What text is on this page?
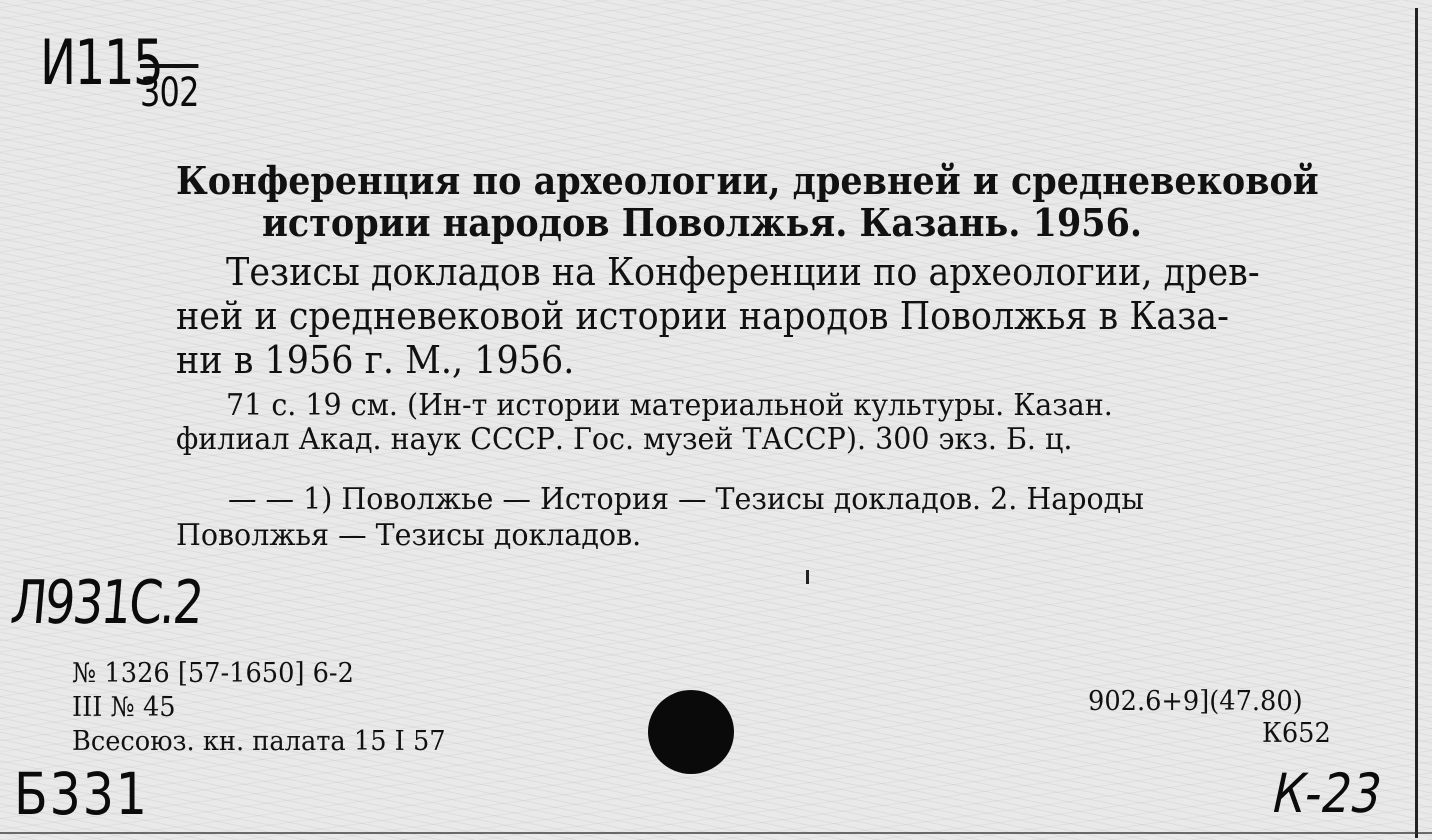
И115
302
Конференция по археологии, древней и средневековой
истории народов Поволжья. Казань. 1956.
Тезисы докладов на Конференции по археологии, древ-
ней и средневековой истории народов Поволжья в Каза-
ни в 1956 г. М., 1956.
71 с. 19 см. (Ин-т истории материальной культуры. Казан.
филиал Акад. наук СССР. Гос. музей ТАССР). 300 экз. Б. ц.
— — 1) Поволжье — История — Тезисы докладов. 2. Народы
Поволжья — Тезисы докладов.
Л931С.2
№ 1326 [57-1650] 6-2
III № 45
Всесоюз. кн. палата 15 I 57
902.6+9](47.80)
К652
Б331	К-23
